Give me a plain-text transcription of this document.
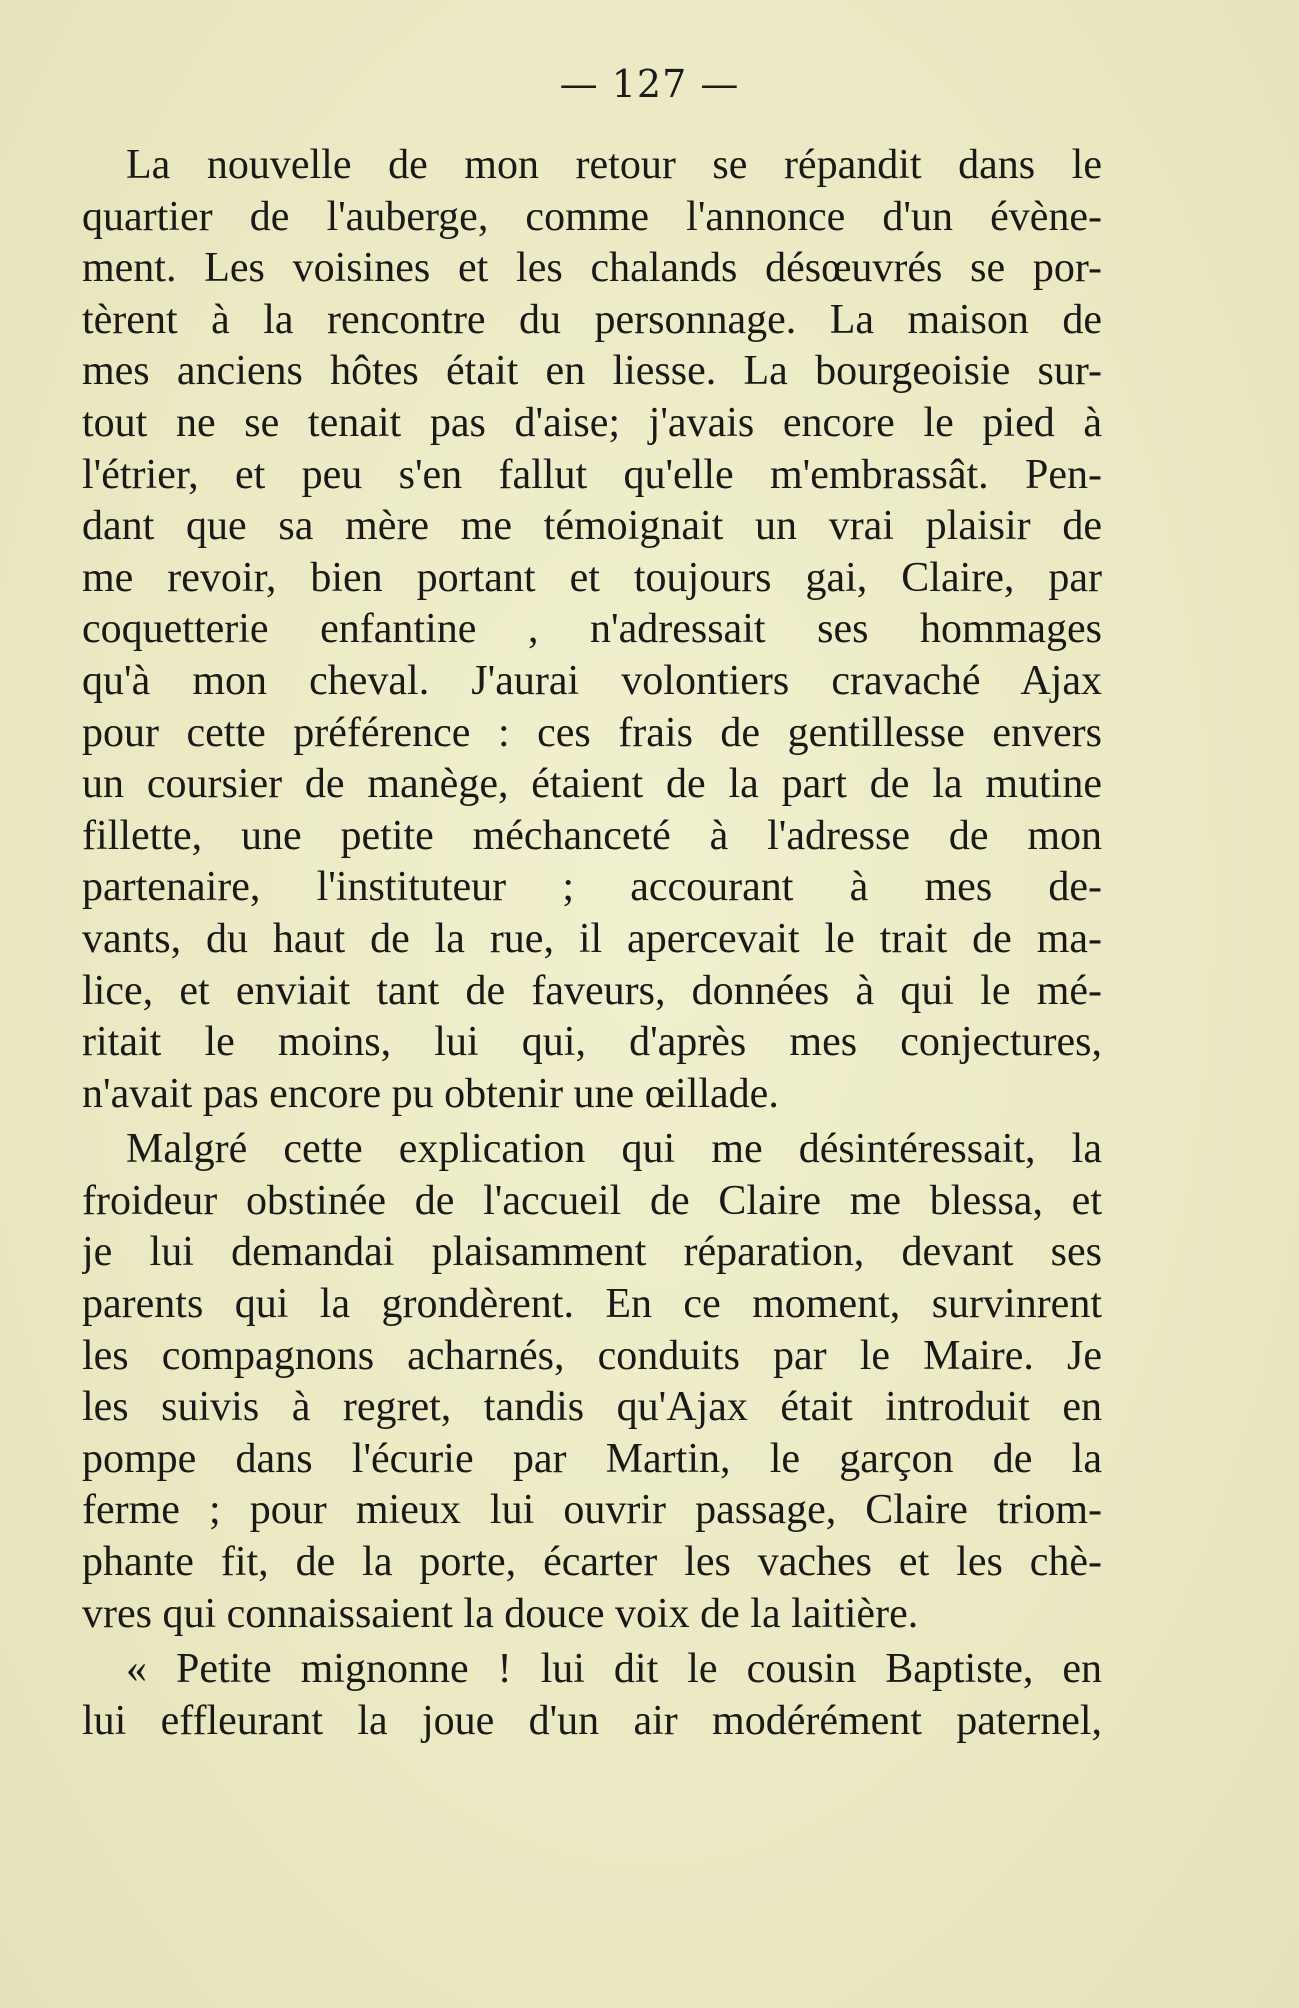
— 127 —
La nouvelle de mon retour se répandit dans le
quartier de l'auberge, comme l'annonce d'un évène-
ment. Les voisines et les chalands désœuvrés se por-
tèrent à la rencontre du personnage. La maison de
mes anciens hôtes était en liesse. La bourgeoisie sur-
tout ne se tenait pas d'aise; j'avais encore le pied à
l'étrier, et peu s'en fallut qu'elle m'embrassât. Pen-
dant que sa mère me témoignait un vrai plaisir de
me revoir, bien portant et toujours gai, Claire, par
coquetterie enfantine , n'adressait ses hommages
qu'à mon cheval. J'aurai volontiers cravaché Ajax
pour cette préférence : ces frais de gentillesse envers
un coursier de manège, étaient de la part de la mutine
fillette, une petite méchanceté à l'adresse de mon
partenaire, l'instituteur ; accourant à mes de-
vants, du haut de la rue, il apercevait le trait de ma-
lice, et enviait tant de faveurs, données à qui le mé-
ritait le moins, lui qui, d'après mes conjectures,
n'avait pas encore pu obtenir une œillade.
Malgré cette explication qui me désintéressait, la
froideur obstinée de l'accueil de Claire me blessa, et
je lui demandai plaisamment réparation, devant ses
parents qui la grondèrent. En ce moment, survinrent
les compagnons acharnés, conduits par le Maire. Je
les suivis à regret, tandis qu'Ajax était introduit en
pompe dans l'écurie par Martin, le garçon de la
ferme ; pour mieux lui ouvrir passage, Claire triom-
phante fit, de la porte, écarter les vaches et les chè-
vres qui connaissaient la douce voix de la laitière.
« Petite mignonne ! lui dit le cousin Baptiste, en
lui effleurant la joue d'un air modérément paternel,
